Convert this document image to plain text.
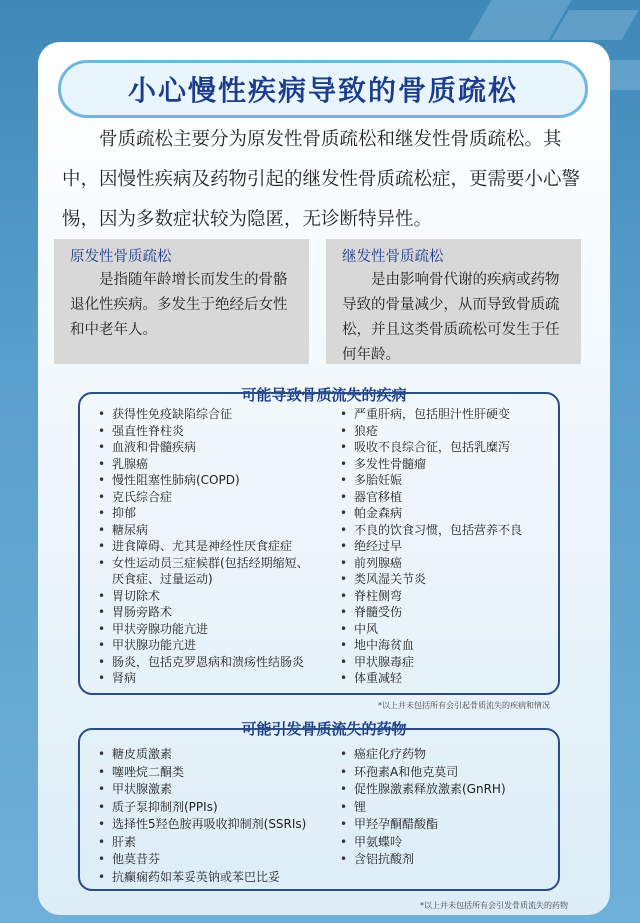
小心慢性疾病导致的骨质疏松

骨质疏松主要分为原发性骨质疏松和继发性骨质疏松。其中，因慢性疾病及药物引起的继发性骨质疏松症，更需要小心警惕，因为多数症状较为隐匿，无诊断特异性。

原发性骨质疏松

是指随年龄增长而发生的骨骼退化性疾病。多发生于绝经后女性和中老年人。

继发性骨质疏松

是由影响骨代谢的疾病或药物导致的骨量减少，从而导致骨质疏松，并且这类骨质疏松可发生于任何年龄。

可能导致骨质流失的疾病
• 获得性免疫缺陷综合征
• 强直性脊柱炎
• 血液和骨髓疾病
• 乳腺癌
• 慢性阻塞性肺病(COPD)
• 克氏综合症
• 抑郁
• 糖尿病
• 进食障碍、尤其是神经性厌食症症
• 女性运动员三症候群(包括经期缩短、
厌食症、过量运动)
• 胃切除术
• 胃肠旁路术
• 甲状旁腺功能亢进
• 甲状腺功能亢进
• 肠炎，包括克罗恩病和溃疡性结肠炎
• 肾病
• 严重肝病，包括胆汁性肝硬变
• 狼疮
• 吸收不良综合征，包括乳糜泻
• 多发性骨髓瘤
• 多胎妊娠
• 器官移植
• 帕金森病
• 不良的饮食习惯，包括营养不良
• 绝经过早
• 前列腺癌
• 类风湿关节炎
• 脊柱侧弯
• 脊髓受伤
• 中风
• 地中海贫血
• 甲状腺毒症
• 体重减轻
*以上并未包括所有会引起骨质流失的疾病和情况
可能引发骨质流失的药物
• 糖皮质激素
• 噻唑烷二酮类
• 甲状腺激素
• 质子泵抑制剂(PPIs)
• 选择性5羟色胺再吸收抑制剂(SSRIs)
• 肝素
• 他莫昔芬
• 抗癫痫药如苯妥英钠或苯巴比妥
• 癌症化疗药物
• 环孢素A和他克莫司
• 促性腺激素释放激素(GnRH)
• 锂
• 甲羟孕酮醋酸酯
• 甲氨蝶呤
• 含铝抗酸剂
*以上并未包括所有会引发骨质流失的药物
